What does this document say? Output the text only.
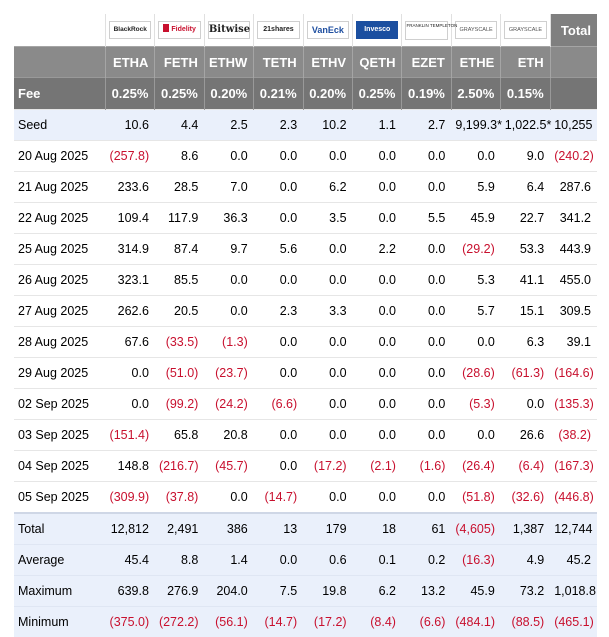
	BlackRock	Fidelity	Bitwise	21shares	VanEck	Invesco	FRANKLIN TEMPLETON	GRAYSCALE	GRAYSCALE	Total
	ETHA	FETH	ETHW	TETH	ETHV	QETH	EZET	ETHE	ETH	
Fee	0.25%	0.25%	0.20%	0.21%	0.20%	0.25%	0.19%	2.50%	0.15%	
Seed	10.6	4.4	2.5	2.3	10.2	1.1	2.7	9,199.3*	1,022.5*	10,255
20 Aug 2025	(257.8)	8.6	0.0	0.0	0.0	0.0	0.0	0.0	9.0	(240.2)
21 Aug 2025	233.6	28.5	7.0	0.0	6.2	0.0	0.0	5.9	6.4	287.6
22 Aug 2025	109.4	117.9	36.3	0.0	3.5	0.0	5.5	45.9	22.7	341.2
25 Aug 2025	314.9	87.4	9.7	5.6	0.0	2.2	0.0	(29.2)	53.3	443.9
26 Aug 2025	323.1	85.5	0.0	0.0	0.0	0.0	0.0	5.3	41.1	455.0
27 Aug 2025	262.6	20.5	0.0	2.3	3.3	0.0	0.0	5.7	15.1	309.5
28 Aug 2025	67.6	(33.5)	(1.3)	0.0	0.0	0.0	0.0	0.0	6.3	39.1
29 Aug 2025	0.0	(51.0)	(23.7)	0.0	0.0	0.0	0.0	(28.6)	(61.3)	(164.6)
02 Sep 2025	0.0	(99.2)	(24.2)	(6.6)	0.0	0.0	0.0	(5.3)	0.0	(135.3)
03 Sep 2025	(151.4)	65.8	20.8	0.0	0.0	0.0	0.0	0.0	26.6	(38.2)
04 Sep 2025	148.8	(216.7)	(45.7)	0.0	(17.2)	(2.1)	(1.6)	(26.4)	(6.4)	(167.3)
05 Sep 2025	(309.9)	(37.8)	0.0	(14.7)	0.0	0.0	0.0	(51.8)	(32.6)	(446.8)
Total	12,812	2,491	386	13	179	18	61	(4,605)	1,387	12,744
Average	45.4	8.8	1.4	0.0	0.6	0.1	0.2	(16.3)	4.9	45.2
Maximum	639.8	276.9	204.0	7.5	19.8	6.2	13.2	45.9	73.2	1,018.8
Minimum	(375.0)	(272.2)	(56.1)	(14.7)	(17.2)	(8.4)	(6.6)	(484.1)	(88.5)	(465.1)
